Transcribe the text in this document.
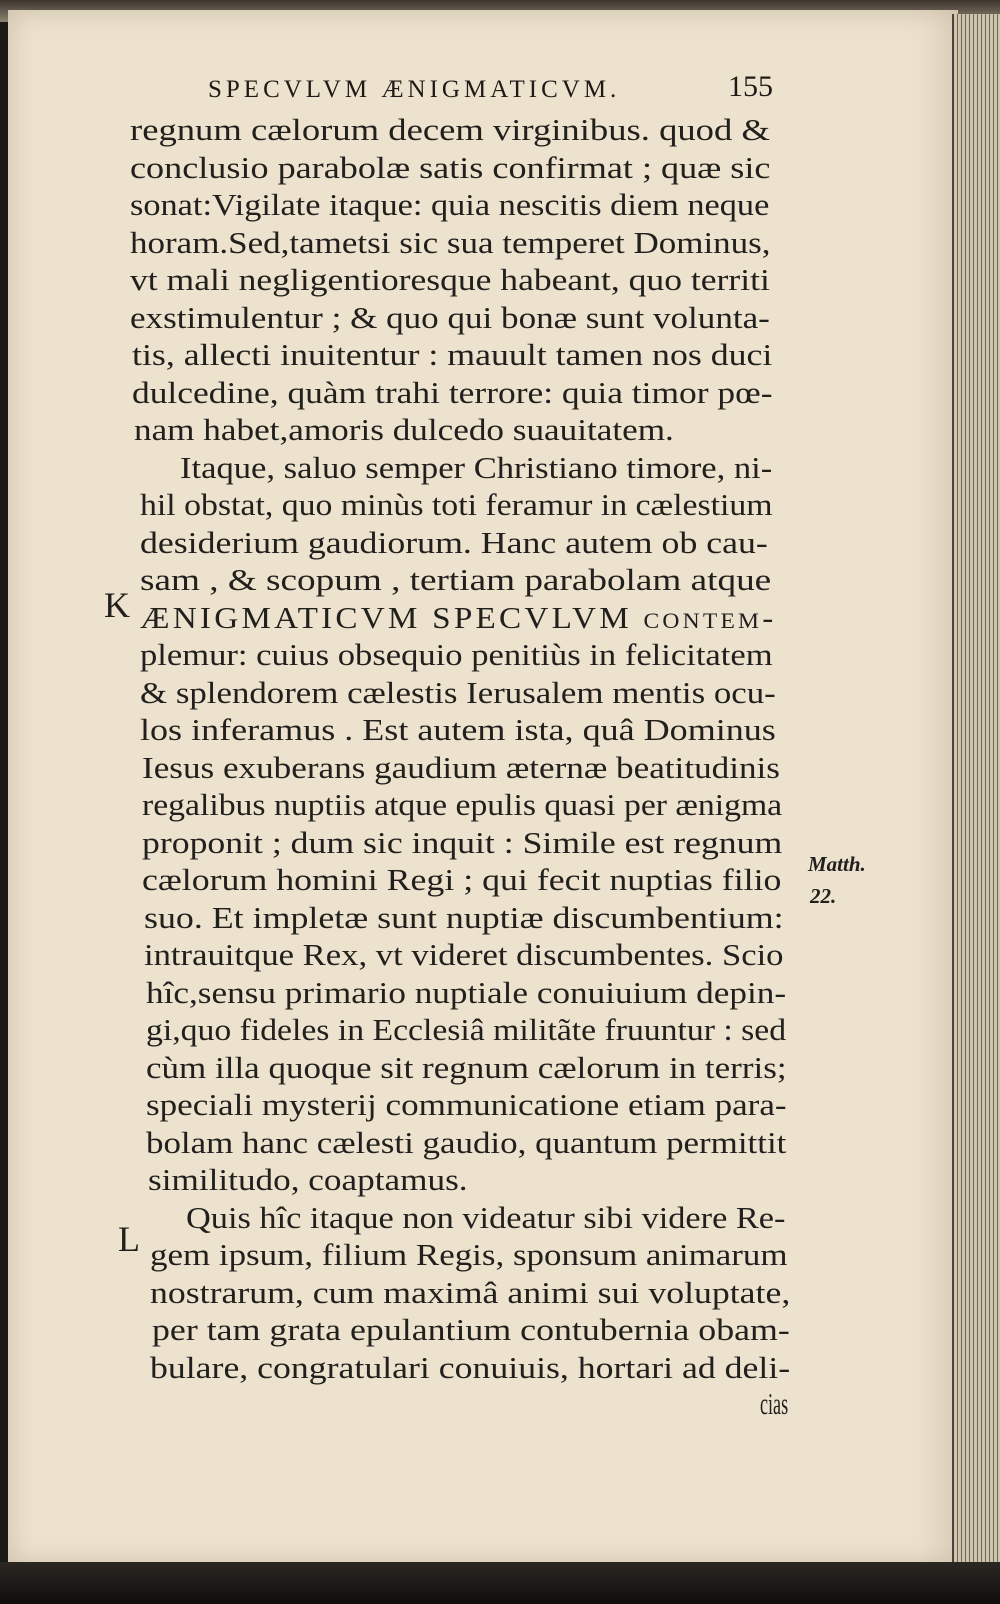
SPECVLVM ÆNIGMATICVM.	155
K
L
Matth.
22.
regnum cælorum decem virginibus. quod &
conclusio parabolæ satis confirmat ; quæ sic
sonat:Vigilate itaque: quia nescitis diem neque
horam.Sed,tametsi sic sua temperet Dominus,
vt mali negligentioresque habeant, quo territi
exstimulentur ; & quo qui bonæ sunt volunta-
tis, allecti inuitentur : mauult tamen nos duci
dulcedine, quàm trahi terrore: quia timor pœ-
nam habet,amoris dulcedo suauitatem.
Itaque, saluo semper Christiano timore, ni-
hil obstat, quo minùs toti feramur in cælestium
desiderium gaudiorum. Hanc autem ob cau-
sam , & scopum , tertiam parabolam atque
ÆNIGMATICVM SPECVLVM contem-
plemur: cuius obsequio penitiùs in felicitatem
& splendorem cælestis Ierusalem mentis ocu-
los inferamus . Est autem ista, quâ Dominus
Iesus exuberans gaudium æternæ beatitudinis
regalibus nuptiis atque epulis quasi per ænigma
proponit ; dum sic inquit : Simile est regnum
cælorum homini Regi ; qui fecit nuptias filio
suo. Et impletæ sunt nuptiæ discumbentium:
intrauitque Rex, vt videret discumbentes. Scio
hîc,sensu primario nuptiale conuiuium depin-
gi,quo fideles in Ecclesiâ militãte fruuntur : sed
cùm illa quoque sit regnum cælorum in terris;
speciali mysterij communicatione etiam para-
bolam hanc cælesti gaudio, quantum permittit
similitudo, coaptamus.
Quis hîc itaque non videatur sibi videre Re-
gem ipsum, filium Regis, sponsum animarum
nostrarum, cum maximâ animi sui voluptate,
per tam grata epulantium contubernia obam-
bulare, congratulari conuiuis, hortari ad deli-
cias
